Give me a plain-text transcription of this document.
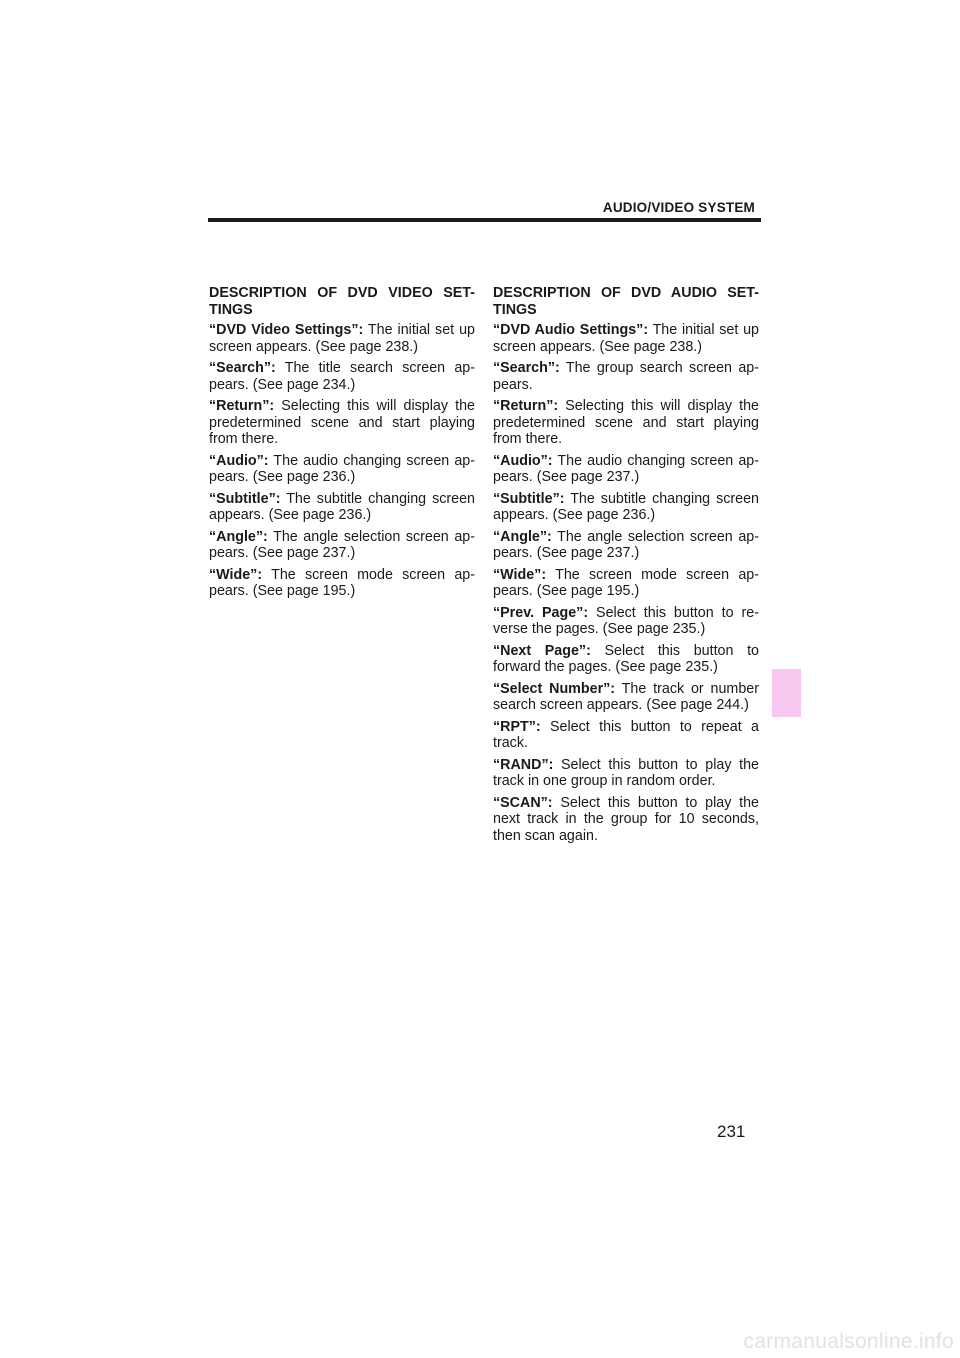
AUDIO/VIDEO SYSTEM
DESCRIPTION OF DVD VIDEO SET-TINGS
“DVD Video Settings”: The initial set up screen appears. (See page 238.)
“Search”: The title search screen ap-pears. (See page 234.)
“Return”: Selecting this will display the predetermined scene and start playing from there.
“Audio”: The audio changing screen ap-pears. (See page 236.)
“Subtitle”: The subtitle changing screen appears. (See page 236.)
“Angle”: The angle selection screen ap-pears. (See page 237.)
“Wide”: The screen mode screen ap-pears. (See page 195.)
DESCRIPTION OF DVD AUDIO SET-TINGS
“DVD Audio Settings”: The initial set up screen appears. (See page 238.)
“Search”: The group search screen ap-pears.
“Return”: Selecting this will display the predetermined scene and start playing from there.
“Audio”: The audio changing screen ap-pears. (See page 237.)
“Subtitle”: The subtitle changing screen appears. (See page 236.)
“Angle”: The angle selection screen ap-pears. (See page 237.)
“Wide”: The screen mode screen ap-pears. (See page 195.)
“Prev. Page”: Select this button to re-verse the pages. (See page 235.)
“Next Page”: Select this button to forward the pages. (See page 235.)
“Select Number”: The track or number search screen appears. (See page 244.)
“RPT”: Select this button to repeat a track.
“RAND”: Select this button to play the track in one group in random order.
“SCAN”: Select this button to play the next track in the group for 10 seconds, then scan again.
231
carmanualsonline.info
